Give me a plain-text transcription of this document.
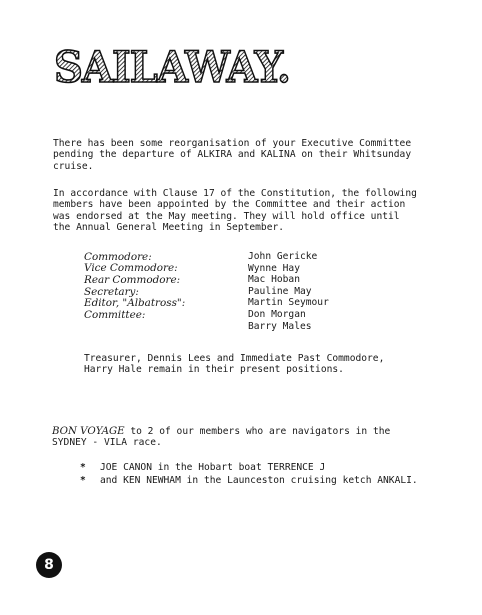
SAILAWAY.
There has been some reorganisation of your Executive Committee
pending the departure of ALKIRA and KALINA on their Whitsunday
cruise.
In accordance with Clause 17 of the Constitution, the following
members have been appointed by the Committee and their action
was endorsed at the May meeting. They will hold office until
the Annual General Meeting in September.
Commodore:	John Gericke
Vice Commodore:	Wynne Hay
Rear Commodore:	Mac Hoban
Secretary:	Pauline May
Editor, "Albatross":	Martin Seymour
Committee:	Don Morgan
Barry Males
Treasurer, Dennis Lees and Immediate Past Commodore,
Harry Hale remain in their present positions.
BON VOYAGE to 2 of our members who are navigators in the
SYDNEY - VILA race.
*	JOE CANON in the Hobart boat TERRENCE J
*	and KEN NEWHAM in the Launceston cruising ketch ANKALI.
8
